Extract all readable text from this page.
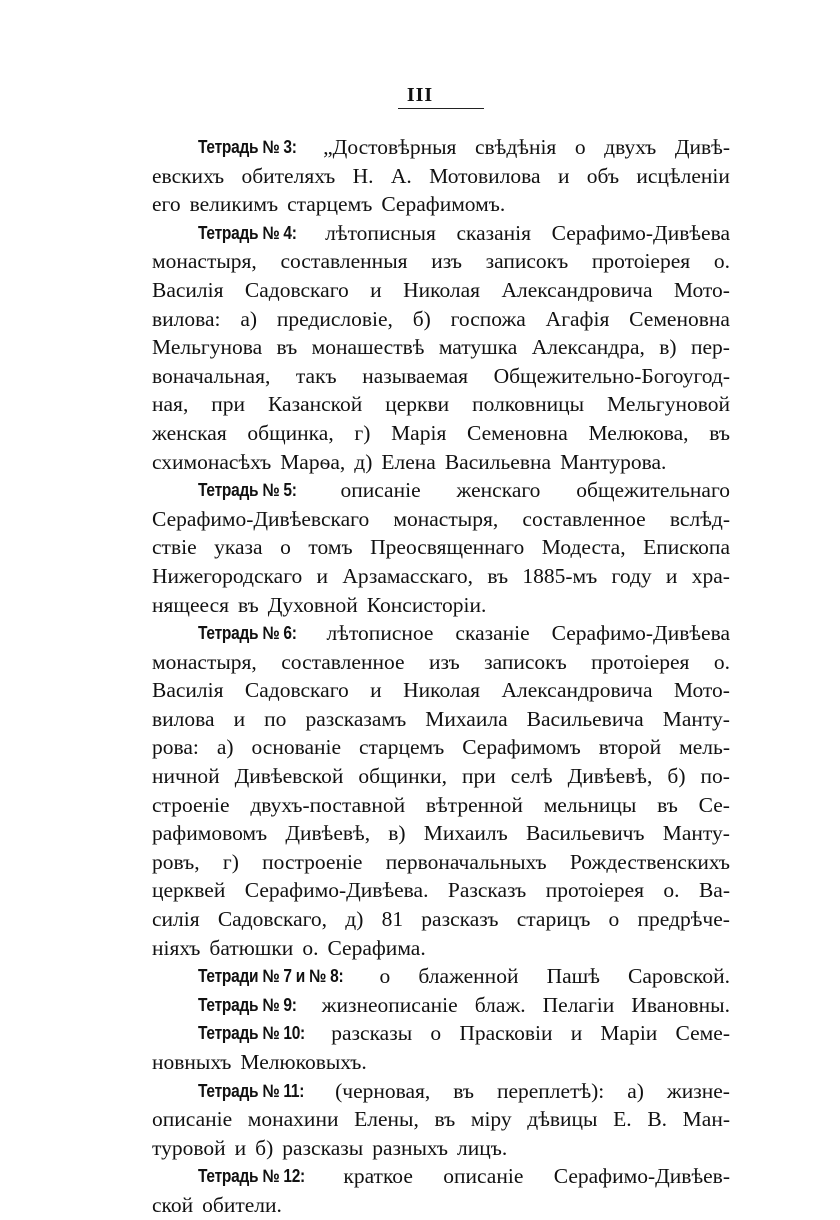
III
Тетрадь № 3: „Достовѣрныя свѣдѣнія о двухъ Дивѣ-
евскихъ обителяхъ Н. А. Мотовилова и объ исцѣленіи
его великимъ старцемъ Серафимомъ.
Тетрадь № 4: лѣтописныя сказанія Серафимо-Дивѣева
монастыря, составленныя изъ записокъ протоіерея о.
Василія Садовскаго и Николая Александровича Мото-
вилова: а) предисловіе, б) госпожа Агафія Семеновна
Мельгунова въ монашествѣ матушка Александра, в) пер-
воначальная, такъ называемая Общежительно-Богоугод-
ная, при Казанской церкви полковницы Мельгуновой
женская общинка, г) Марія Семеновна Мелюкова, въ
схимонасѣхъ Марѳа, д) Елена Васильевна Мантурова.
Тетрадь № 5: описаніе женскаго общежительнаго
Серафимо-Дивѣевскаго монастыря, составленное вслѣд-
ствіе указа о томъ Преосвященнаго Модеста, Епископа
Нижегородскаго и Арзамасскаго, въ 1885-мъ году и хра-
нящееся въ Духовной Консисторіи.
Тетрадь № 6: лѣтописное сказаніе Серафимо-Дивѣева
монастыря, составленное изъ записокъ протоіерея о.
Василія Садовскаго и Николая Александровича Мото-
вилова и по разсказамъ Михаила Васильевича Манту-
рова: а) основаніе старцемъ Серафимомъ второй мель-
ничной Дивѣевской общинки, при селѣ Дивѣевѣ, б) по-
строеніе двухъ-поставной вѣтренной мельницы въ Се-
рафимовомъ Дивѣевѣ, в) Михаилъ Васильевичъ Манту-
ровъ, г) построеніе первоначальныхъ Рождественскихъ
церквей Серафимо-Дивѣева. Разсказъ протоіерея о. Ва-
силія Садовскаго, д) 81 разсказъ старицъ о предрѣче-
ніяхъ батюшки о. Серафима.
Тетради № 7 и № 8: о блаженной Пашѣ Саровской.
Тетрадь № 9: жизнеописаніе блаж. Пелагіи Ивановны.
Тетрадь № 10: разсказы о Прасковіи и Маріи Семе-
новныхъ Мелюковыхъ.
Тетрадь № 11: (черновая, въ переплетѣ): а) жизне-
описаніе монахини Елены, въ міру дѣвицы Е. В. Ман-
туровой и б) разсказы разныхъ лицъ.
Тетрадь № 12: краткое описаніе Серафимо-Дивѣев-
ской обители.
